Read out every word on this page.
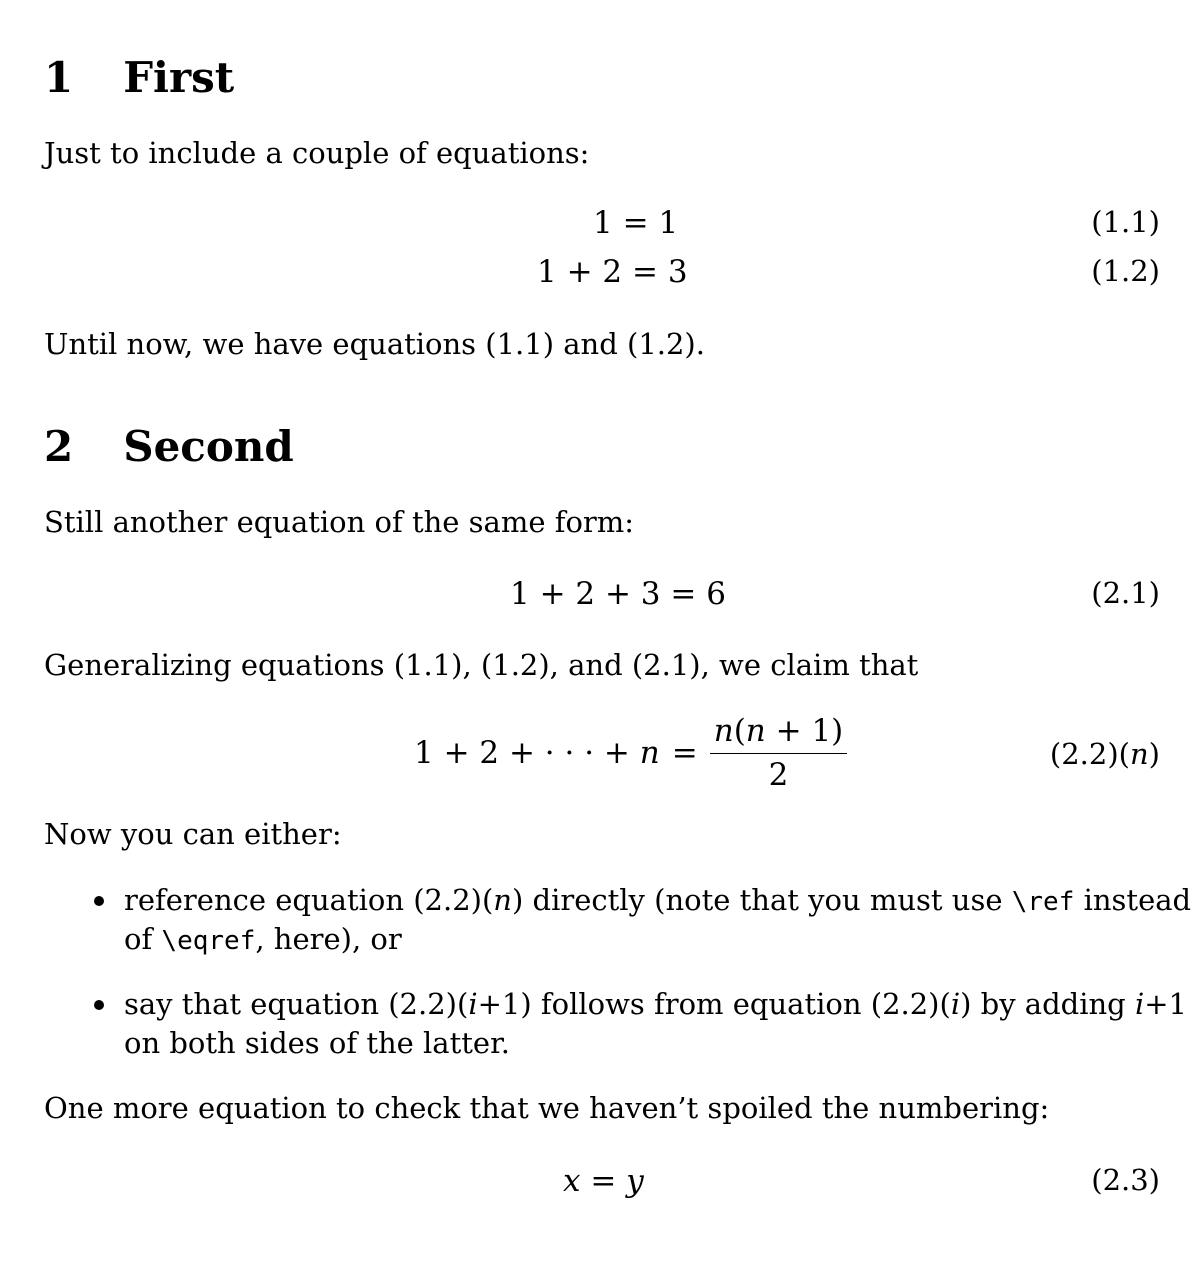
1 First
Just to include a couple of equations:
1 = 1	(1.1)
1 + 2 = 3	(1.2)
Until now, we have equations (1.1) and (1.2).
2 Second
Still another equation of the same form:
1 + 2 + 3 = 6	(2.1)
Generalizing equations (1.1), (1.2), and (2.1), we claim that
1 + 2 + · · · + $n = \frac{n(n + 1)}{2}$	(2.2)(n)
Now you can either:
reference equation (2.2)(n) directly (note that you must use \ref instead
of \eqref, here), or
say that equation (2.2)(i+1) follows from equation (2.2)(i) by adding i+1
on both sides of the latter.
One more equation to check that we haven’t spoiled the numbering:
x = y	(2.3)
